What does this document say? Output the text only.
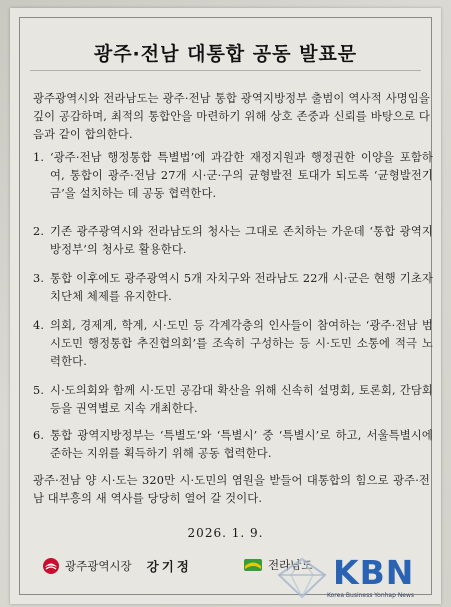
광주·전남 대통합 공동 발표문
광주광역시와 전라남도는 광주·전남 통합 광역지방정부 출범이 역사적 사명임을 깊이 공감하며, 최적의 통합안을 마련하기 위해 상호 존중과 신뢰를 바탕으로 다음과 같이 합의한다.
1. ‘광주·전남 행정통합 특별법’에 과감한 재정지원과 행정권한 이양을 포함하여, 통합이 광주·전남 27개 시·군·구의 균형발전 토대가 되도록 ‘균형발전기금’을 설치하는 데 공동 협력한다.
2. 기존 광주광역시와 전라남도의 청사는 그대로 존치하는 가운데 ‘통합 광역지방정부’의 청사로 활용한다.
3. 통합 이후에도 광주광역시 5개 자치구와 전라남도 22개 시·군은 현행 기초자치단체 체제를 유지한다.
4. 의회, 경제계, 학계, 시·도민 등 각계각층의 인사들이 참여하는 ‘광주·전남 범시도민 행정통합 추진협의회’를 조속히 구성하는 등 시·도민 소통에 적극 노력한다.
5. 시·도의회와 함께 시·도민 공감대 확산을 위해 신속히 설명회, 토론회, 간담회 등을 권역별로 지속 개최한다.
6. 통합 광역지방정부는 ‘특별도’와 ‘특별시’ 중 ‘특별시’로 하고, 서울특별시에 준하는 지위를 획득하기 위해 공동 협력한다.
광주·전남 양 시·도는 320만 시·도민의 염원을 받들어 대통합의 힘으로 광주·전남 대부흥의 새 역사를 당당히 열어 갈 것이다.
2026. 1. 9.
광주광역시장 강기정	전라남도 KBN
Korea Business Yonhap News
